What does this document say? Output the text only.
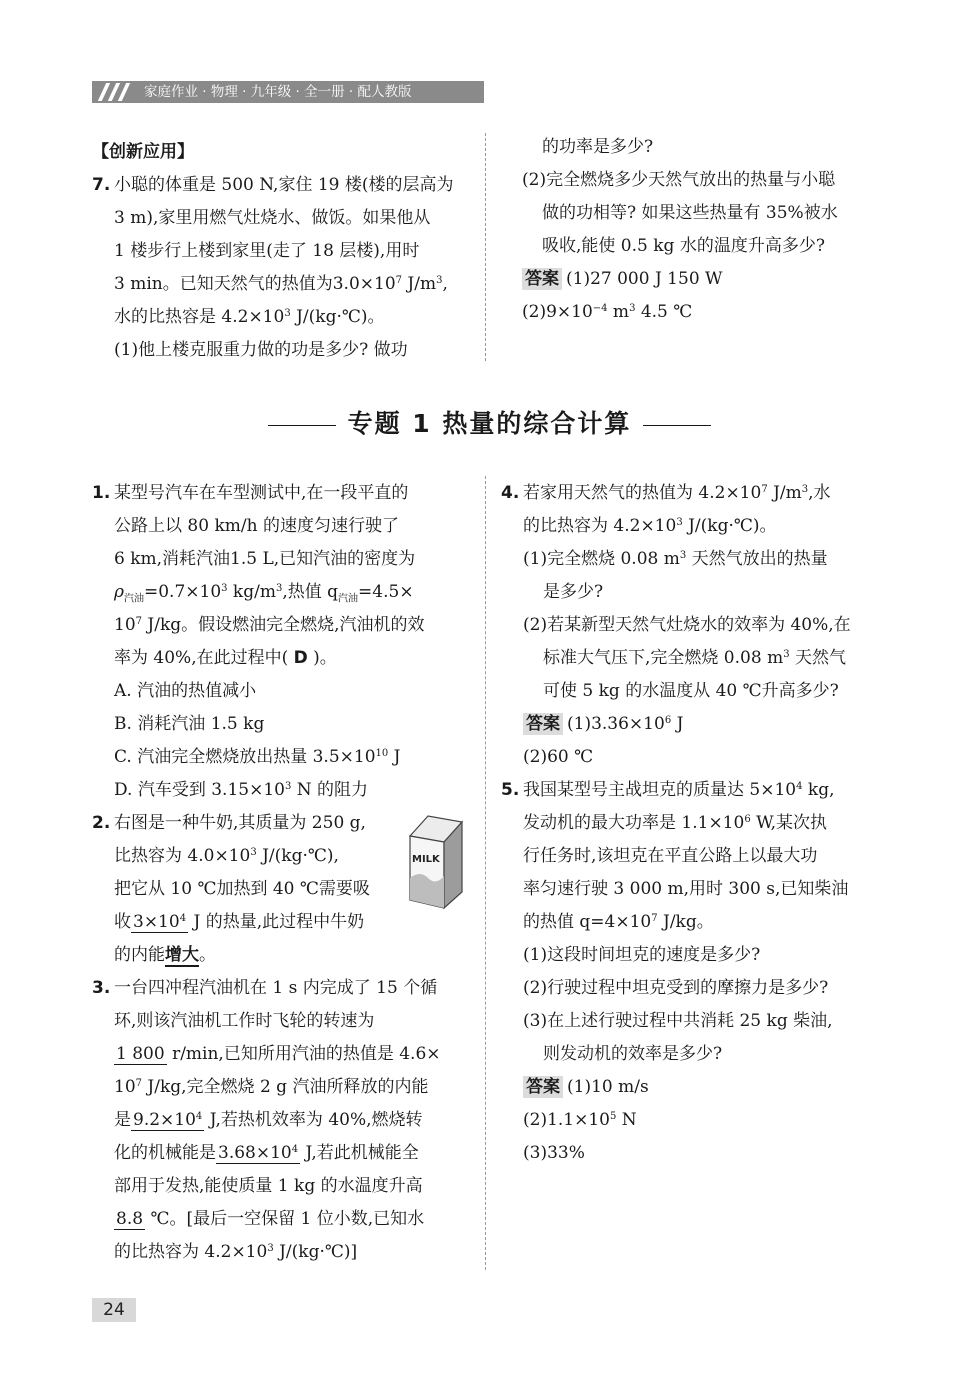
家庭作业 · 物理 · 九年级 · 全一册 · 配人教版

【创新应用】

7. 小聪的体重是 500 N,家住 19 楼(楼的层高为

3 m),家里用燃气灶烧水、做饭。如果他从

1 楼步行上楼到家里(走了 18 层楼),用时

3 min。已知天然气的热值为$3.0\times 10^7$ $J/m^3$,

水的比热容是 $4.2\times 10^3$ J/(kg·℃)。

(1)他上楼克服重力做的功是多少? 做功

的功率是多少?

(2)完全燃烧多少天然气放出的热量与小聪

做的功相等? 如果这些热量有 35%被水

吸收,能使 0.5 kg 水的温度升高多少?

答案 (1)27 000 J 150 W

$(2)9\times 10^{-4}$ $m^3$ 4.5 ℃

专题 1 热量的综合计算
1. 某型号汽车在车型测试中,在一段平直的

公路上以 80 km/h 的速度匀速行驶了

6 km,消耗汽油1.5 L,已知汽油的密度为

$\rho_{汽油}=0.7\times 10^3$ $kg/m^3$,热值 $q_{汽油}=4.5\times$

$10^7$ J/kg。假设燃油完全燃烧,汽油机的效

率为 40%,在此过程中( D )。

A. 汽油的热值减小

B. 消耗汽油 1.5 kg

C. 汽油完全燃烧放出热量 $3.5\times 10^{10}$ J

D. 汽车受到 $3.15\times 10^3$ N 的阻力

2. 右图是一种牛奶,其质量为 250 g,

比热容为 $4.0\times 10^3$ J/(kg·℃),

把它从 10 ℃加热到 40 ℃需要吸

收 $3\times 10^4$ J 的热量,此过程中牛奶

的内能增大。

3. 一台四冲程汽油机在 1 s 内完成了 15 个循

环,则该汽油机工作时飞轮的转速为

1 800 r/min,已知所用汽油的热值是 4.6×

$10^7$ J/kg,完全燃烧 2 g 汽油所释放的内能

是 $9.2\times 10^4$ J,若热机效率为 40%,燃烧转

化的机械能是 $3.68\times 10^4$ J,若此机械能全

部用于发热,能使质量 1 kg 的水温度升高

8.8 ℃。[最后一空保留 1 位小数,已知水

的比热容为 $4.2\times 10^3$ J/(kg·℃)]

MILK
4. 若家用天然气的热值为 $4.2\times 10^7$ $J/m^3$,水

的比热容为 $4.2\times 10^3$ J/(kg·℃)。

(1)完全燃烧 0.08 $m^3$ 天然气放出的热量

是多少?

(2)若某新型天然气灶烧水的效率为 40%,在

标准大气压下,完全燃烧 0.08 $m^3$ 天然气

可使 5 kg 的水温度从 40 ℃升高多少?

答案 $(1)3.36\times 10^6$ J

(2)60 ℃

5. 我国某型号主战坦克的质量达 $5\times 10^4$ kg,

发动机的最大功率是 $1.1\times 10^6$ W,某次执

行任务时,该坦克在平直公路上以最大功

率匀速行驶 3 000 m,用时 300 s,已知柴油

的热值 $q=4\times 10^7$ J/kg。

(1)这段时间坦克的速度是多少?

(2)行驶过程中坦克受到的摩擦力是多少?

(3)在上述行驶过程中共消耗 25 kg 柴油,

则发动机的效率是多少?

答案 (1)10 m/s

$(2)1.1\times 10^5$ N

(3)33%

24
